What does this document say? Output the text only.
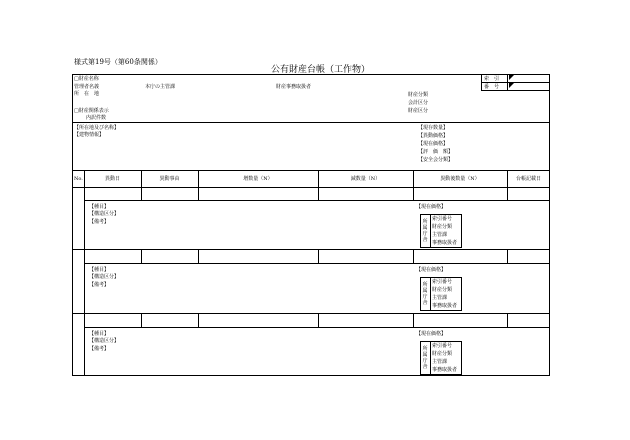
様式第19号（第60条関係）
公有財産台帳（工作物）
□財産名称
管理者名義
所　在　地
本庁の主管課	財産事務取扱者
財産分類
会計区分
財産区分
□財産関係表示
内訳件数
索　引
番　号
【所在地及び名称】
【建物情報】
【現存数量】
【異動価格】
【現在価格】
【評　価　額】
【安全会分類】
No.	異動日	異動事由	増数量（N）	減数量（N）	異動後数量（N）	台帳記載日
【種目】
【構造区分】
【備考】
【現在価格】
所属庁舎
索引番号
財産分類
主管課
事務取扱者
【種目】
【構造区分】
【備考】
【現在価格】
所属庁舎
索引番号
財産分類
主管課
事務取扱者
【種目】
【構造区分】
【備考】
【現在価格】
所属庁舎
索引番号
財産分類
主管課
事務取扱者
